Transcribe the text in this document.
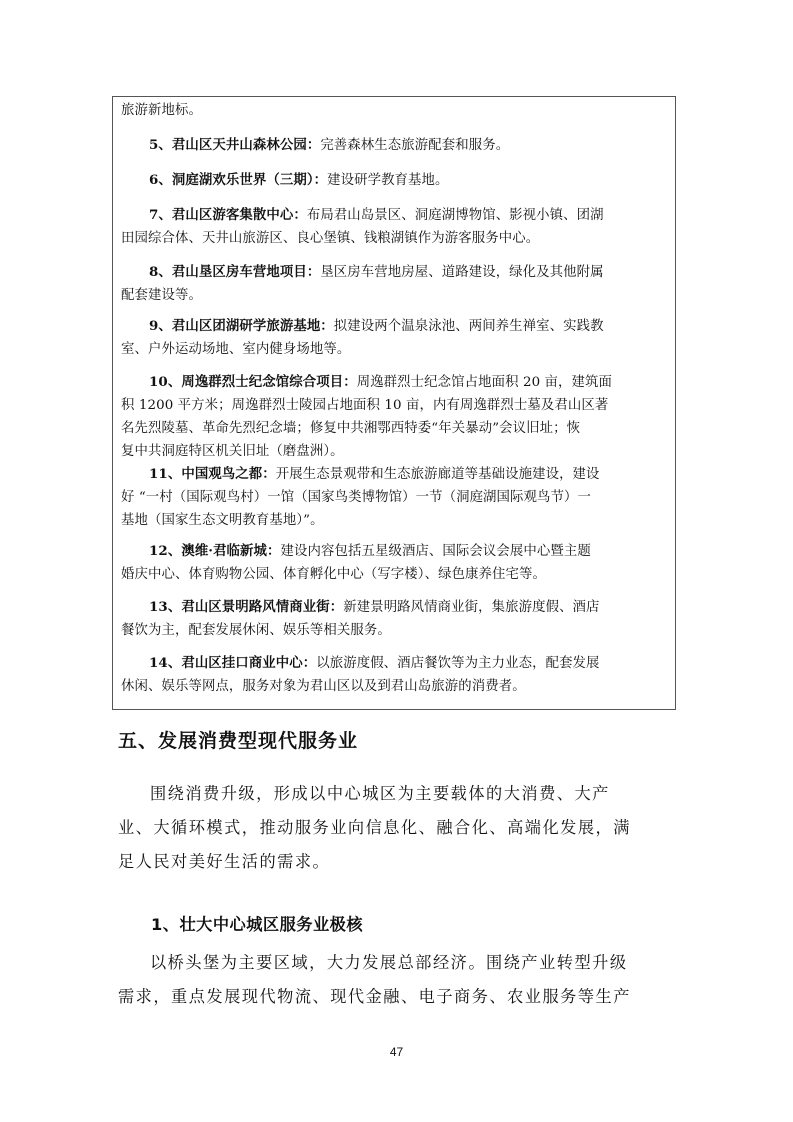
旅游新地标。

5、君山区天井山森林公园：完善森林生态旅游配套和服务。

6、洞庭湖欢乐世界（三期）：建设研学教育基地。

7、君山区游客集散中心：布局君山岛景区、洞庭湖博物馆、影视小镇、团湖

田园综合体、天井山旅游区、良心堡镇、钱粮湖镇作为游客服务中心。

8、君山垦区房车营地项目：垦区房车营地房屋、道路建设，绿化及其他附属

配套建设等。

9、君山区团湖研学旅游基地：拟建设两个温泉泳池、两间养生禅室、实践教

室、户外运动场地、室内健身场地等。

10、周逸群烈士纪念馆综合项目：周逸群烈士纪念馆占地面积 20 亩，建筑面

积 1200 平方米；周逸群烈士陵园占地面积 10 亩，内有周逸群烈士墓及君山区著
名先烈陵墓、革命先烈纪念墙；修复中共湘鄂西特委“年关暴动”会议旧址；恢
复中共洞庭特区机关旧址（磨盘洲）。

11、中国观鸟之都：开展生态景观带和生态旅游廊道等基础设施建设，建设

好 “一村（国际观鸟村）一馆（国家鸟类博物馆）一节（洞庭湖国际观鸟节）一
基地（国家生态文明教育基地）”。

12、澳维·君临新城：建设内容包括五星级酒店、国际会议会展中心暨主题

婚庆中心、体育购物公园、体育孵化中心（写字楼）、绿色康养住宅等。

13、君山区景明路风情商业街：新建景明路风情商业街，集旅游度假、酒店

餐饮为主，配套发展休闲、娱乐等相关服务。

14、君山区挂口商业中心：以旅游度假、酒店餐饮等为主力业态，配套发展

休闲、娱乐等网点，服务对象为君山区以及到君山岛旅游的消费者。

五、发展消费型现代服务业

围绕消费升级，形成以中心城区为主要载体的大消费、大产
业、大循环模式，推动服务业向信息化、融合化、高端化发展，满
足人民对美好生活的需求。

1、壮大中心城区服务业极核

以桥头堡为主要区域，大力发展总部经济。围绕产业转型升级
需求，重点发展现代物流、现代金融、电子商务、农业服务等生产

47
